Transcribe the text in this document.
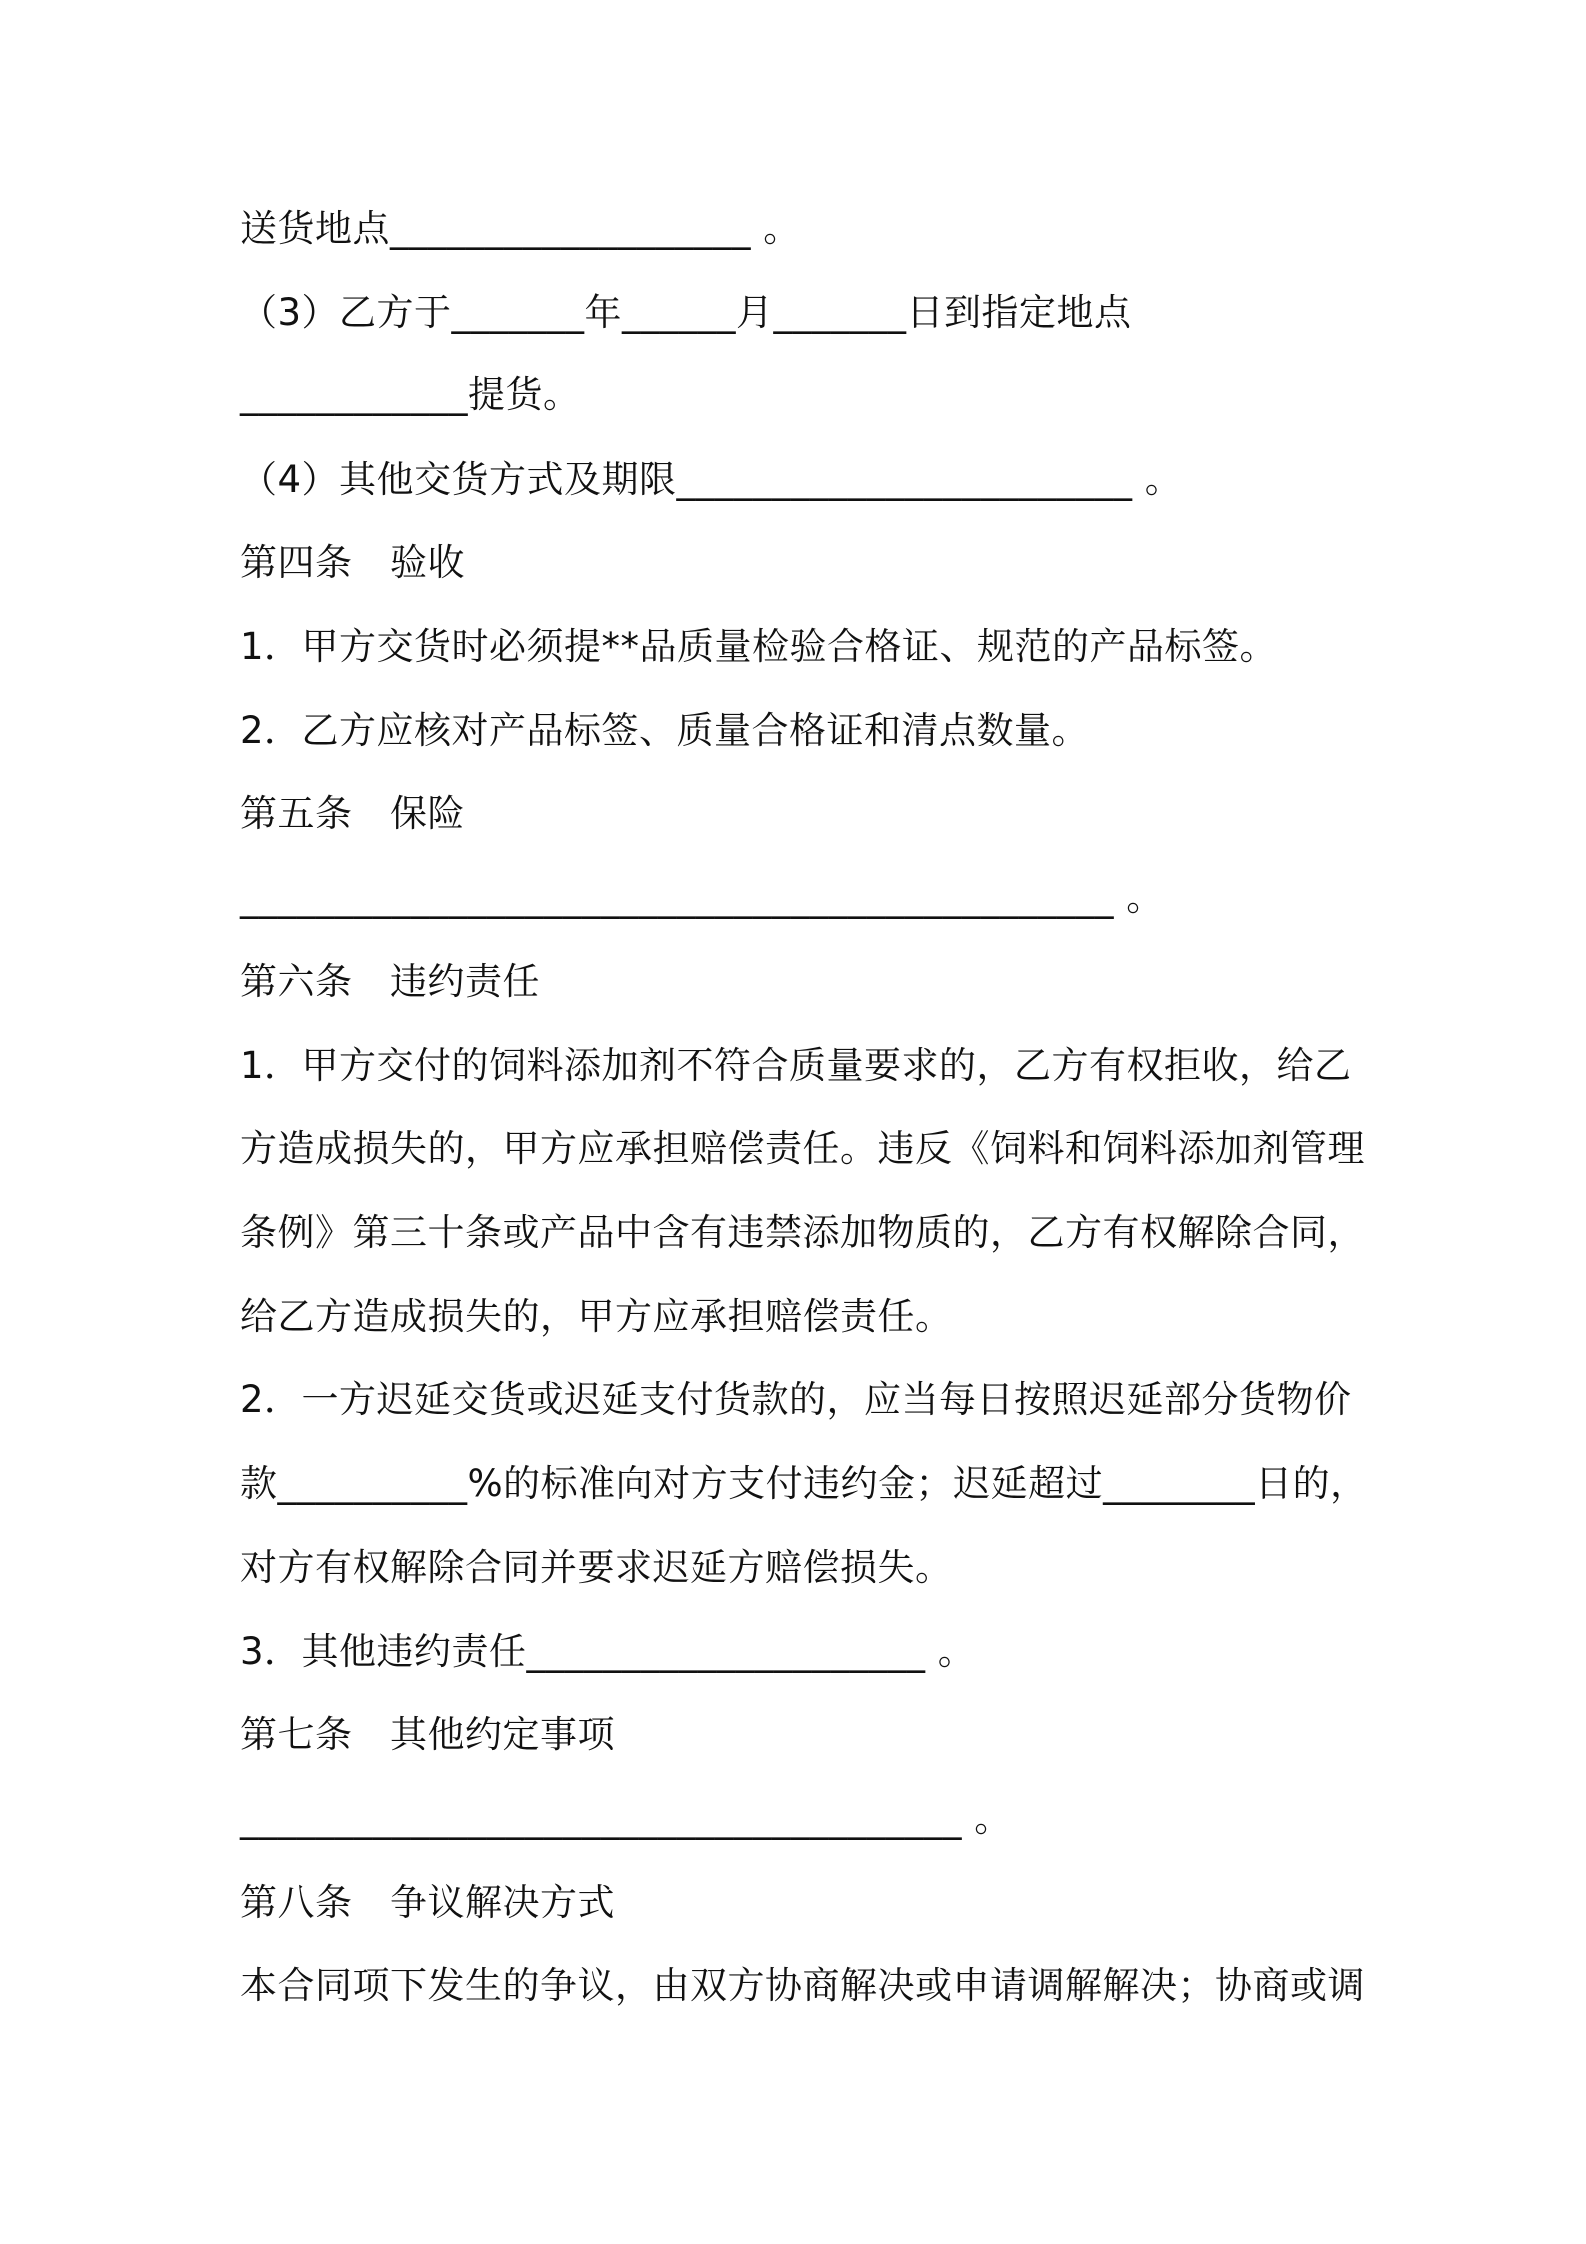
送货地点___________________ 。
（3）乙方于_______年______月_______日到指定地点
____________提货。
（4）其他交货方式及期限________________________ 。
第四条　验收
1．甲方交货时必须提**品质量检验合格证、规范的产品标签。
2．乙方应核对产品标签、质量合格证和清点数量。
第五条　保险
______________________________________________ 。
第六条　违约责任
1．甲方交付的饲料添加剂不符合质量要求的，乙方有权拒收，给乙
方造成损失的，甲方应承担赔偿责任。违反《饲料和饲料添加剂管理
条例》第三十条或产品中含有违禁添加物质的，乙方有权解除合同，
给乙方造成损失的，甲方应承担赔偿责任。
2．一方迟延交货或迟延支付货款的，应当每日按照迟延部分货物价
款__________%的标准向对方支付违约金；迟延超过________日的，
对方有权解除合同并要求迟延方赔偿损失。
3．其他违约责任_____________________ 。
第七条　其他约定事项
______________________________________ 。
第八条　争议解决方式
本合同项下发生的争议，由双方协商解决或申请调解解决；协商或调
